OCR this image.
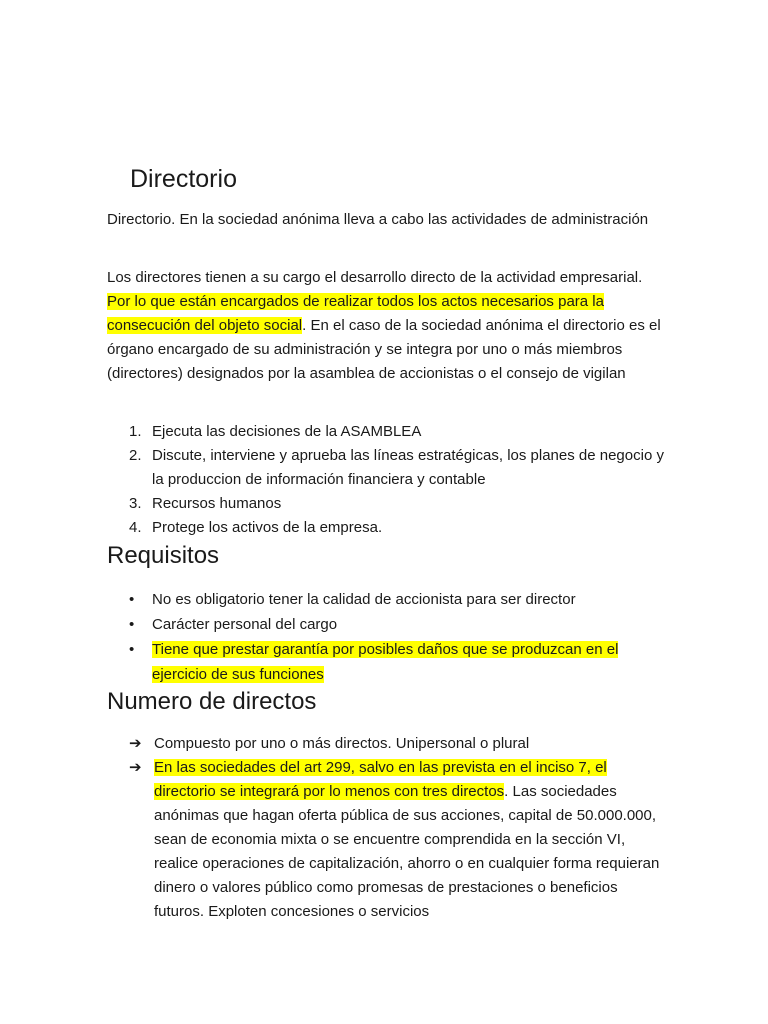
Directorio

Directorio. En la sociedad anónima lleva a cabo las actividades de administración

Los directores tienen a su cargo el desarrollo directo de la actividad empresarial. Por lo que están encargados de realizar todos los actos necesarios para la consecución del objeto social. En el caso de la sociedad anónima el directorio es el órgano encargado de su administración y se integra por uno o más miembros (directores) designados por la asamblea de accionistas o el consejo de vigilan

1. Ejecuta las decisiones de la ASAMBLEA
2. Discute, interviene y aprueba las líneas estratégicas, los planes de negocio y la produccion de información financiera y contable
3. Recursos humanos
4. Protege los activos de la empresa.
Requisitos
• No es obligatorio tener la calidad de accionista para ser director
• Carácter personal del cargo
• Tiene que prestar garantía por posibles daños que se produzcan en el ejercicio de sus funciones
Numero de directos
➔ Compuesto por uno o más directos. Unipersonal o plural
➔ En las sociedades del art 299, salvo en las prevista en el inciso 7, el directorio se integrará por lo menos con tres directos. Las sociedades anónimas que hagan oferta pública de sus acciones, capital de 50.000.000, sean de economia mixta o se encuentre comprendida en la sección VI, realice operaciones de capitalización, ahorro o en cualquier forma requieran dinero o valores público como promesas de prestaciones o beneficios futuros. Exploten concesiones o servicios
